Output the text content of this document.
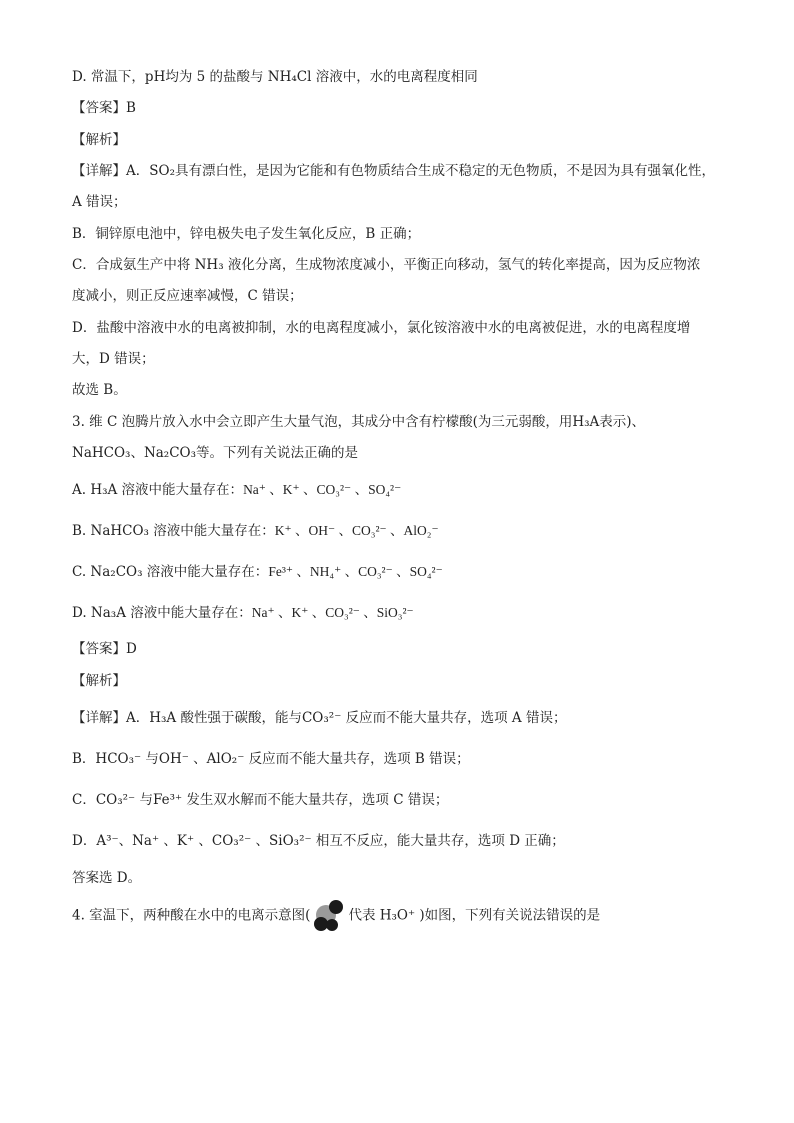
D. 常温下，pH均为 5 的盐酸与 NH₄Cl 溶液中，水的电离程度相同
【答案】B
【解析】
【详解】A．SO₂具有漂白性，是因为它能和有色物质结合生成不稳定的无色物质，不是因为具有强氧化性，
A 错误；
B．铜锌原电池中，锌电极失电子发生氧化反应，B 正确；
C．合成氨生产中将 NH₃ 液化分离，生成物浓度减小，平衡正向移动，氢气的转化率提高，因为反应物浓
度减小，则正反应速率减慢，C 错误；
D．盐酸中溶液中水的电离被抑制，水的电离程度减小，氯化铵溶液中水的电离被促进，水的电离程度增
大，D 错误；
故选 B。
3. 维 C 泡腾片放入水中会立即产生大量气泡，其成分中含有柠檬酸(为三元弱酸，用H₃A表示)、
NaHCO₃、Na₂CO₃等。下列有关说法正确的是
A. H₃A 溶液中能大量存在：Na⁺ 、K⁺ 、CO₃²⁻ 、SO₄²⁻
B. NaHCO₃ 溶液中能大量存在：K⁺ 、OH⁻ 、CO₃²⁻ 、AlO₂⁻
C. Na₂CO₃ 溶液中能大量存在：Fe³⁺ 、NH₄⁺ 、CO₃²⁻ 、SO₄²⁻
D. Na₃A 溶液中能大量存在：Na⁺ 、K⁺ 、CO₃²⁻ 、SiO₃²⁻
【答案】D
【解析】
【详解】A．H₃A 酸性强于碳酸，能与CO₃²⁻ 反应而不能大量共存，选项 A 错误；
B．HCO₃⁻ 与OH⁻ 、AlO₂⁻ 反应而不能大量共存，选项 B 错误；
C．CO₃²⁻ 与Fe³⁺ 发生双水解而不能大量共存，选项 C 错误；
D．A³⁻、Na⁺ 、K⁺ 、CO₃²⁻ 、SiO₃²⁻ 相互不反应，能大量共存，选项 D 正确；
答案选 D。
4. 室温下，两种酸在水中的电离示意图(	代表 H₃O⁺ )如图，下列有关说法错误的是
